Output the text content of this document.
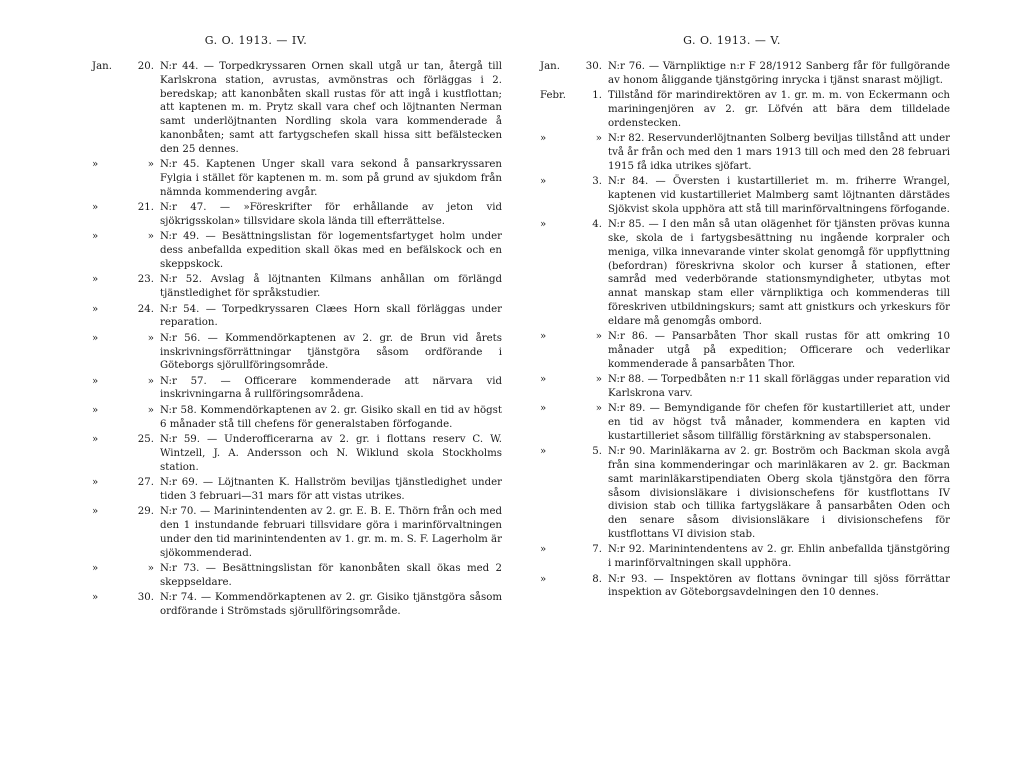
G. O. 1913. — IV.
Jan.	20. N:r 44. — Torpedkryssaren Ornen skall utgå ur tan, återgå till Karlskrona station, avrustas, avmönstras och förläggas i 2. beredskap; att kanonbåten skall rustas för att ingå i kustflottan; att kaptenen m. m. Prytz skall vara chef och löjtnanten Nerman samt underlöjtnanten Nordling skola vara kommenderade å kanonbåten; samt att fartygschefen skall hissa sitt befälstecken den 25 dennes.
»	» N:r 45. Kaptenen Unger skall vara sekond å pansarkryssaren Fylgia i stället för kaptenen m. m. som på grund av sjukdom från nämnda kommendering avgår.
»	21. N:r 47. — »Föreskrifter för erhållande av jeton vid sjökrigsskolan» tillsvidare skola lända till efterrättelse.
»	» N:r 49. — Besättningslistan för logementsfartyget holm under dess anbefallda expedition skall ökas med en befälskock och en skeppskock.
»	23. N:r 52. Avslag å löjtnanten Kilmans anhållan om förlängd tjänstledighet för språkstudier.
»	24. N:r 54. — Torpedkryssaren Clæes Horn skall förläggas under reparation.
»	» N:r 56. — Kommendörkaptenen av 2. gr. de Brun vid årets inskrivningsförrättningar tjänstgöra såsom ordförande i Göteborgs sjörullföringsområde.
»	» N:r 57. — Officerare kommenderade att närvara vid inskrivningarna å rullföringsområdena.
»	» N:r 58. Kommendörkaptenen av 2. gr. Gisiko skall en tid av högst 6 månader stå till chefens för generalstaben förfogande.
»	25. N:r 59. — Underofficerarna av 2. gr. i flottans reserv C. W. Wintzell, J. A. Andersson och N. Wiklund skola Stockholms station.
»	27. N:r 69. — Löjtnanten K. Hallström beviljas tjänstledighet under tiden 3 februari—31 mars för att vistas utrikes.
»	29. N:r 70. — Marinintendenten av 2. gr. E. B. E. Thörn från och med den 1 instundande februari tillsvidare göra i marinförvaltningen under den tid marinintendenten av 1. gr. m. m. S. F. Lagerholm är sjökommenderad.
»	» N:r 73. — Besättningslistan för kanonbåten skall ökas med 2 skeppseldare.
»	30. N:r 74. — Kommendörkaptenen av 2. gr. Gisiko tjänstgöra såsom ordförande i Strömstads sjörullföringsområde.
G. O. 1913. — V.
Jan.	30. N:r 76. — Värnpliktige n:r F 28/1912 Sanberg får för fullgörande av honom åliggande tjänstgöring inrycka i tjänst snarast möjligt.
Febr.	1. Tillstånd för marindirektören av 1. gr. m. m. von Eckermann och mariningenjören av 2. gr. Löfvén att bära dem tilldelade ordenstecken.
»	» N:r 82. Reservunderlöjtnanten Solberg beviljas tillstånd att under två år från och med den 1 mars 1913 till och med den 28 februari 1915 få idka utrikes sjöfart.
»	3. N:r 84. — Översten i kustartilleriet m. m. friherre Wrangel, kaptenen vid kustartilleriet Malmberg samt löjtnanten därstädes Sjökvist skola upphöra att stå till marinförvaltningens förfogande.
»	4. N:r 85. — I den mån så utan olägenhet för tjänsten prövas kunna ske, skola de i fartygsbesättning nu ingående korpraler och meniga, vilka innevarande vinter skolat genomgå för uppflyttning (befordran) föreskrivna skolor och kurser å stationen, efter samråd med vederbörande stationsmyndigheter, utbytas mot annat manskap stam eller värnpliktiga och kommenderas till föreskriven utbildningskurs; samt att gnistkurs och yrkeskurs för eldare må genomgås ombord.
»	» N:r 86. — Pansarbåten Thor skall rustas för att omkring 10 månader utgå på expedition; Officerare och vederlikar kommenderade å pansarbåten Thor.
»	» N:r 88. — Torpedbåten n:r 11 skall förläggas under reparation vid Karlskrona varv.
»	» N:r 89. — Bemyndigande för chefen för kustartilleriet att, under en tid av högst två månader, kommendera en kapten vid kustartilleriet såsom tillfällig förstärkning av stabspersonalen.
»	5. N:r 90. Marinläkarna av 2. gr. Boström och Backman skola avgå från sina kommenderingar och marinläkaren av 2. gr. Backman samt marinläkarstipendiaten Oberg skola tjänstgöra den förra såsom divisionsläkare i divisionschefens för kustflottans IV division stab och tillika fartygsläkare å pansarbåten Oden och den senare såsom divisionsläkare i divisionschefens för kustflottans VI division stab.
»	7. N:r 92. Marinintendentens av 2. gr. Ehlin anbefallda tjänstgöring i marinförvaltningen skall upphöra.
»	8. N:r 93. — Inspektören av flottans övningar till sjöss förrättar inspektion av Göteborgsavdelningen den 10 dennes.
